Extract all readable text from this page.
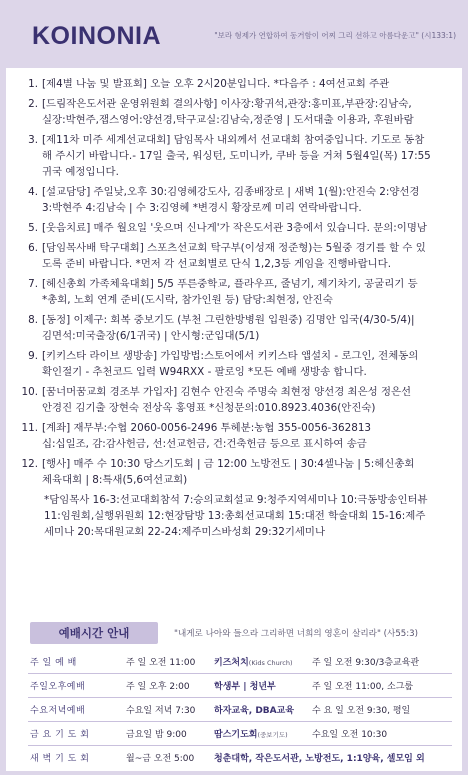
KOINONIA	"보라 형제가 연합하여 동거함이 어찌 그리 선하고 아름다운고" (시133:1)
1. [제4별 나눔 및 발표회] 오늘 오후 2시20분입니다. *다음주 : 4여선교회 주관
2. [드림작은도서관 운영위원회 결의사항] 이사장:황귀석,관장:홍미표,부관장:김남숙,
실장:박현주,잽스영어:양선경,탁구교실:김남숙,정준영 | 도서대출 이용과, 후원바람
3. [제11차 미주 세계선교대회] 담임목사 내외께서 선교대회 참여중입니다. 기도로 동참
해 주시기 바랍니다.- 17일 출국, 워싱턴, 도미니카, 쿠바 등을 거쳐 5월4일(목) 17:55
귀국 예정입니다.
4. [설교담당] 주일낮,오후 30:김영혜강도사, 김종배장로 | 새벽 1(월):안진숙 2:양선경
3:박현주 4:김남숙 | 수 3:김영혜 *변경시 황장로께 미리 연락바랍니다.
5. [웃음치료] 매주 월요일 '웃으며 신나게'가 작은도서관 3층에서 있습니다. 문의:이명남
6. [담임목사배 탁구대회] 스포츠선교회 탁구부(이성재 정준형)는 5월중 경기를 할 수 있
도록 준비 바랍니다. *먼저 각 선교회별로 단식 1,2,3등 게임을 진행바랍니다.
7. [헤신총회 가족체육대회] 5/5 푸른중학교, 플라우프, 줄넘기, 제기차기, 공굴리기 등
*총회, 노회 연계 준비(도시락, 참가인원 등) 담당:최현정, 안진숙
8. [동정] 이제구: 회복 중보기도 (부천 그린한방병원 입원중) 김명안 입국(4/30-5/4)|
김면석:미국출장(6/1귀국) | 안시형:군입대(5/1)
9. [키키스타 라이브 생방송] 가입방법:스토어에서 키키스타 앱설치 - 로그인, 전체동의
확인절기 - 추천코드 입력 W94RXX - 팔로잉 *모든 예배 생방송 합니다.
10. [꿈너머꿈교회 경조부 가입자] 김현수 안진숙 주명숙 최현정 양선경 최은성 정은선
안경진 김기출 장현숙 전상옥 홍영표 *신청문의:010.8923.4036(안진숙)
11. [계좌] 재무부:수협 2060-0056-2496 투헤분:농협 355-0056-362813
십:십일조, 감:감사헌금, 선:선교헌금, 건:건축헌금 등으로 표시하여 송금
12. [행사] 매주 수 10:30 당스기도회 | 금 12:00 노방전도 | 30:4셀나눔 | 5:헤신총회
체육대회 | 8:특새(5,6여선교회)
*담임목사 16-3:선교대회참석 7:승의교회설교 9:청주지역세미나 10:극동방송인터뷰
11:임원회,실행위원회 12:현장탐방 13:총회선교대회 15:대전 학술대회 15-16:제주
세미나 20:목대원교회 22-24:제주미스바성회 29:32기세미나
예배시간 안내	"내게로 나아와 들으라 그리하면 너희의 영혼이 살리라" (사55:3)
주 일 예 배	주 일 오전 11:00	키즈처치(Kids Church)	주 일 오전 9:30/3층교육관
주일오후예배	주 일 오후 2:00	학생부 | 청년부	주 일 오전 11:00, 소그룹
수요저녁예배	수요일 저녁 7:30	하자교육, DBA교육	수 요 일 오전 9:30, 평일
금 요 기 도 회	금요일 밤 9:00	땀스기도회(중보기도)	수요일 오전 10:30
새 벽 기 도 회	월~금 오전 5:00	청춘대학, 작은도서관, 노방전도, 1:1양육, 셀모임 외	
